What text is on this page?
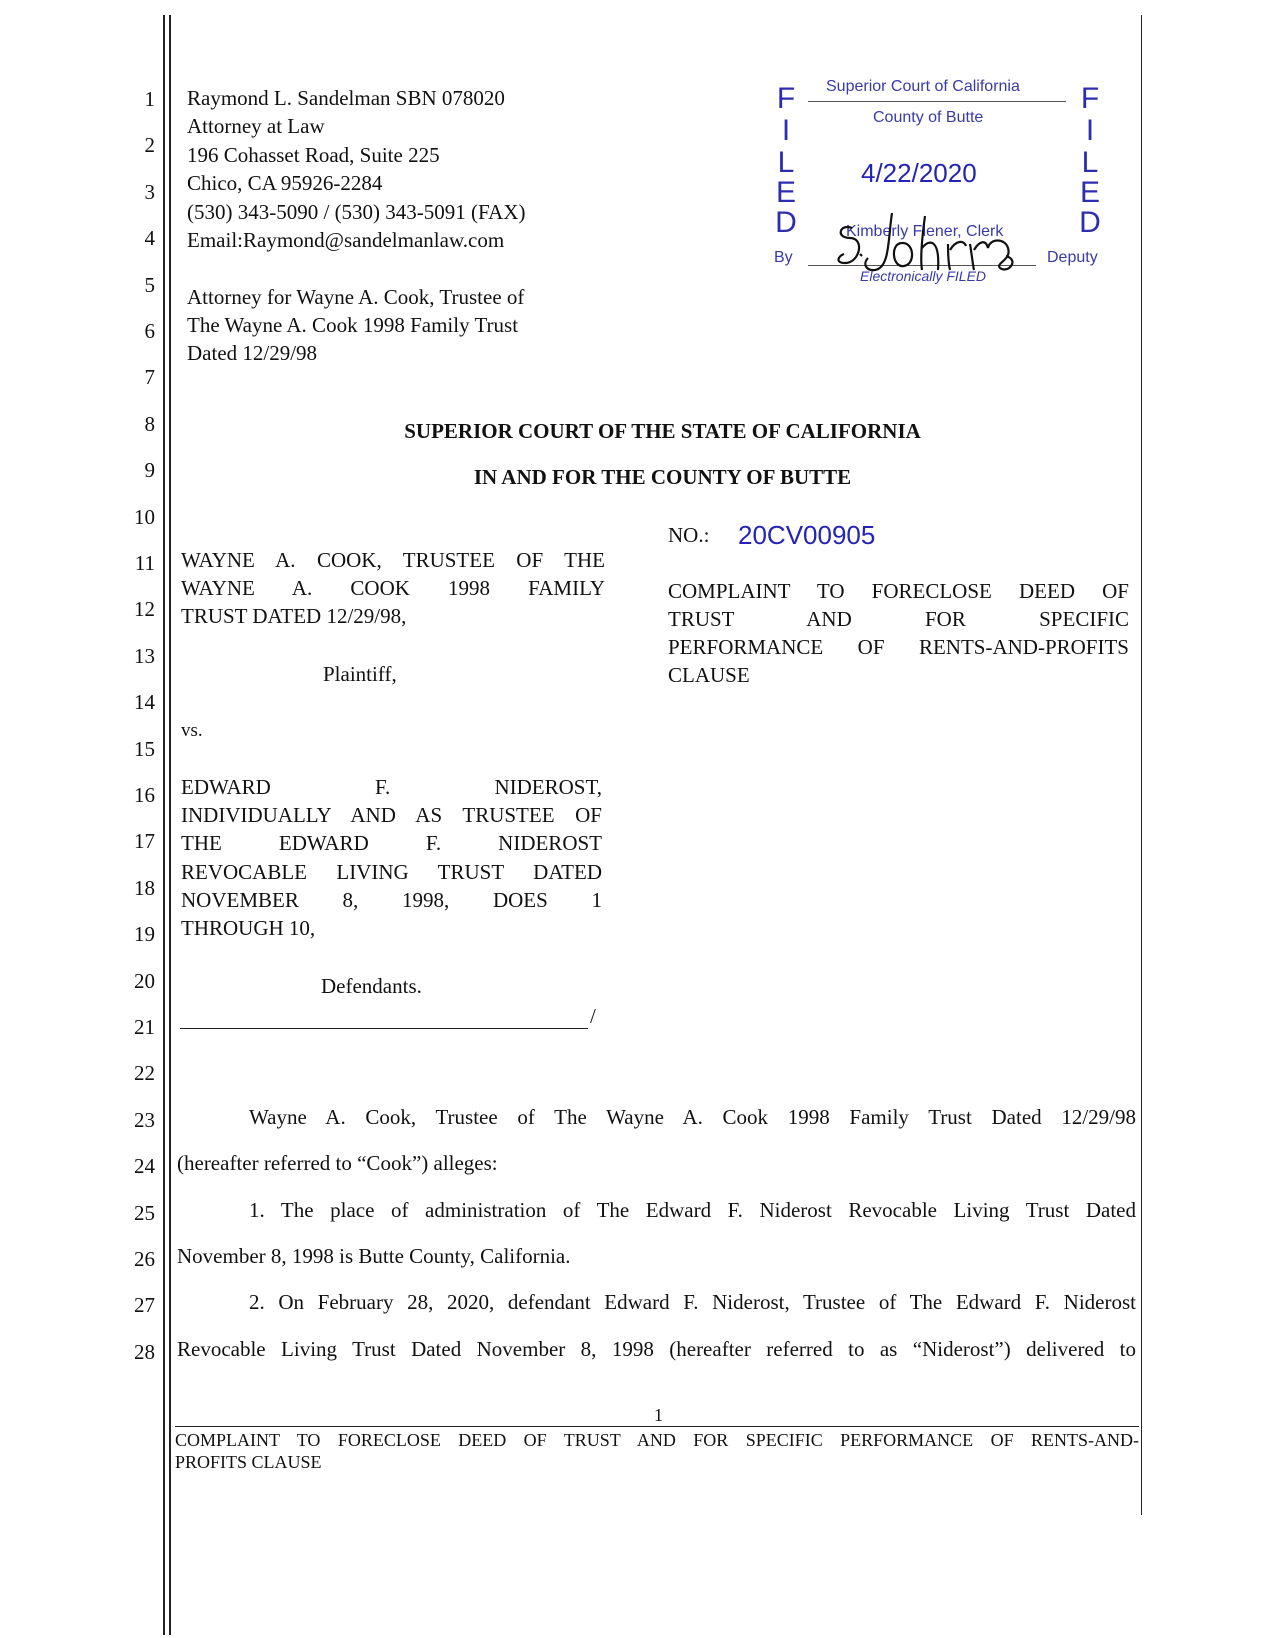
1
2
3
4
5
6
7
8
9
10
11
12
13
14
15
16
17
18
19
20
21
22
23
24
25
26
27
28
Raymond L. Sandelman SBN 078020
Attorney at Law
196 Cohasset Road, Suite 225
Chico, CA 95926-2284
(530) 343-5090 / (530) 343-5091 (FAX)
Email:Raymond@sandelmanlaw.com
Attorney for Wayne A. Cook, Trustee of
The Wayne A. Cook 1998 Family Trust
Dated 12/29/98
F
I
L
E
D
F
I
L
E
D
Superior Court of California
County of Butte
4/22/2020
Kimberly Flener, Clerk
By	Deputy
Electronically FILED
SUPERIOR COURT OF THE STATE OF CALIFORNIA
IN AND FOR THE COUNTY OF BUTTE
WAYNE A. COOK, TRUSTEE OF THE
WAYNE A. COOK 1998 FAMILY
TRUST DATED 12/29/98,
Plaintiff,
vs.
EDWARD F. NIDEROST,
INDIVIDUALLY AND AS TRUSTEE OF
THE EDWARD F. NIDEROST
REVOCABLE LIVING TRUST DATED
NOVEMBER 8, 1998, DOES 1
THROUGH 10,
Defendants.
/
NO.: 20CV00905
COMPLAINT TO FORECLOSE DEED OF
TRUST AND FOR SPECIFIC
PERFORMANCE OF RENTS-AND-PROFITS
CLAUSE
Wayne A. Cook, Trustee of The Wayne A. Cook 1998 Family Trust Dated 12/29/98
(hereafter referred to “Cook”) alleges:
1. The place of administration of The Edward F. Niderost Revocable Living Trust Dated
November 8, 1998 is Butte County, California.
2. On February 28, 2020, defendant Edward F. Niderost, Trustee of The Edward F. Niderost
Revocable Living Trust Dated November 8, 1998 (hereafter referred to as “Niderost”) delivered to
1
COMPLAINT TO FORECLOSE DEED OF TRUST AND FOR SPECIFIC PERFORMANCE OF RENTS-AND-
PROFITS CLAUSE
